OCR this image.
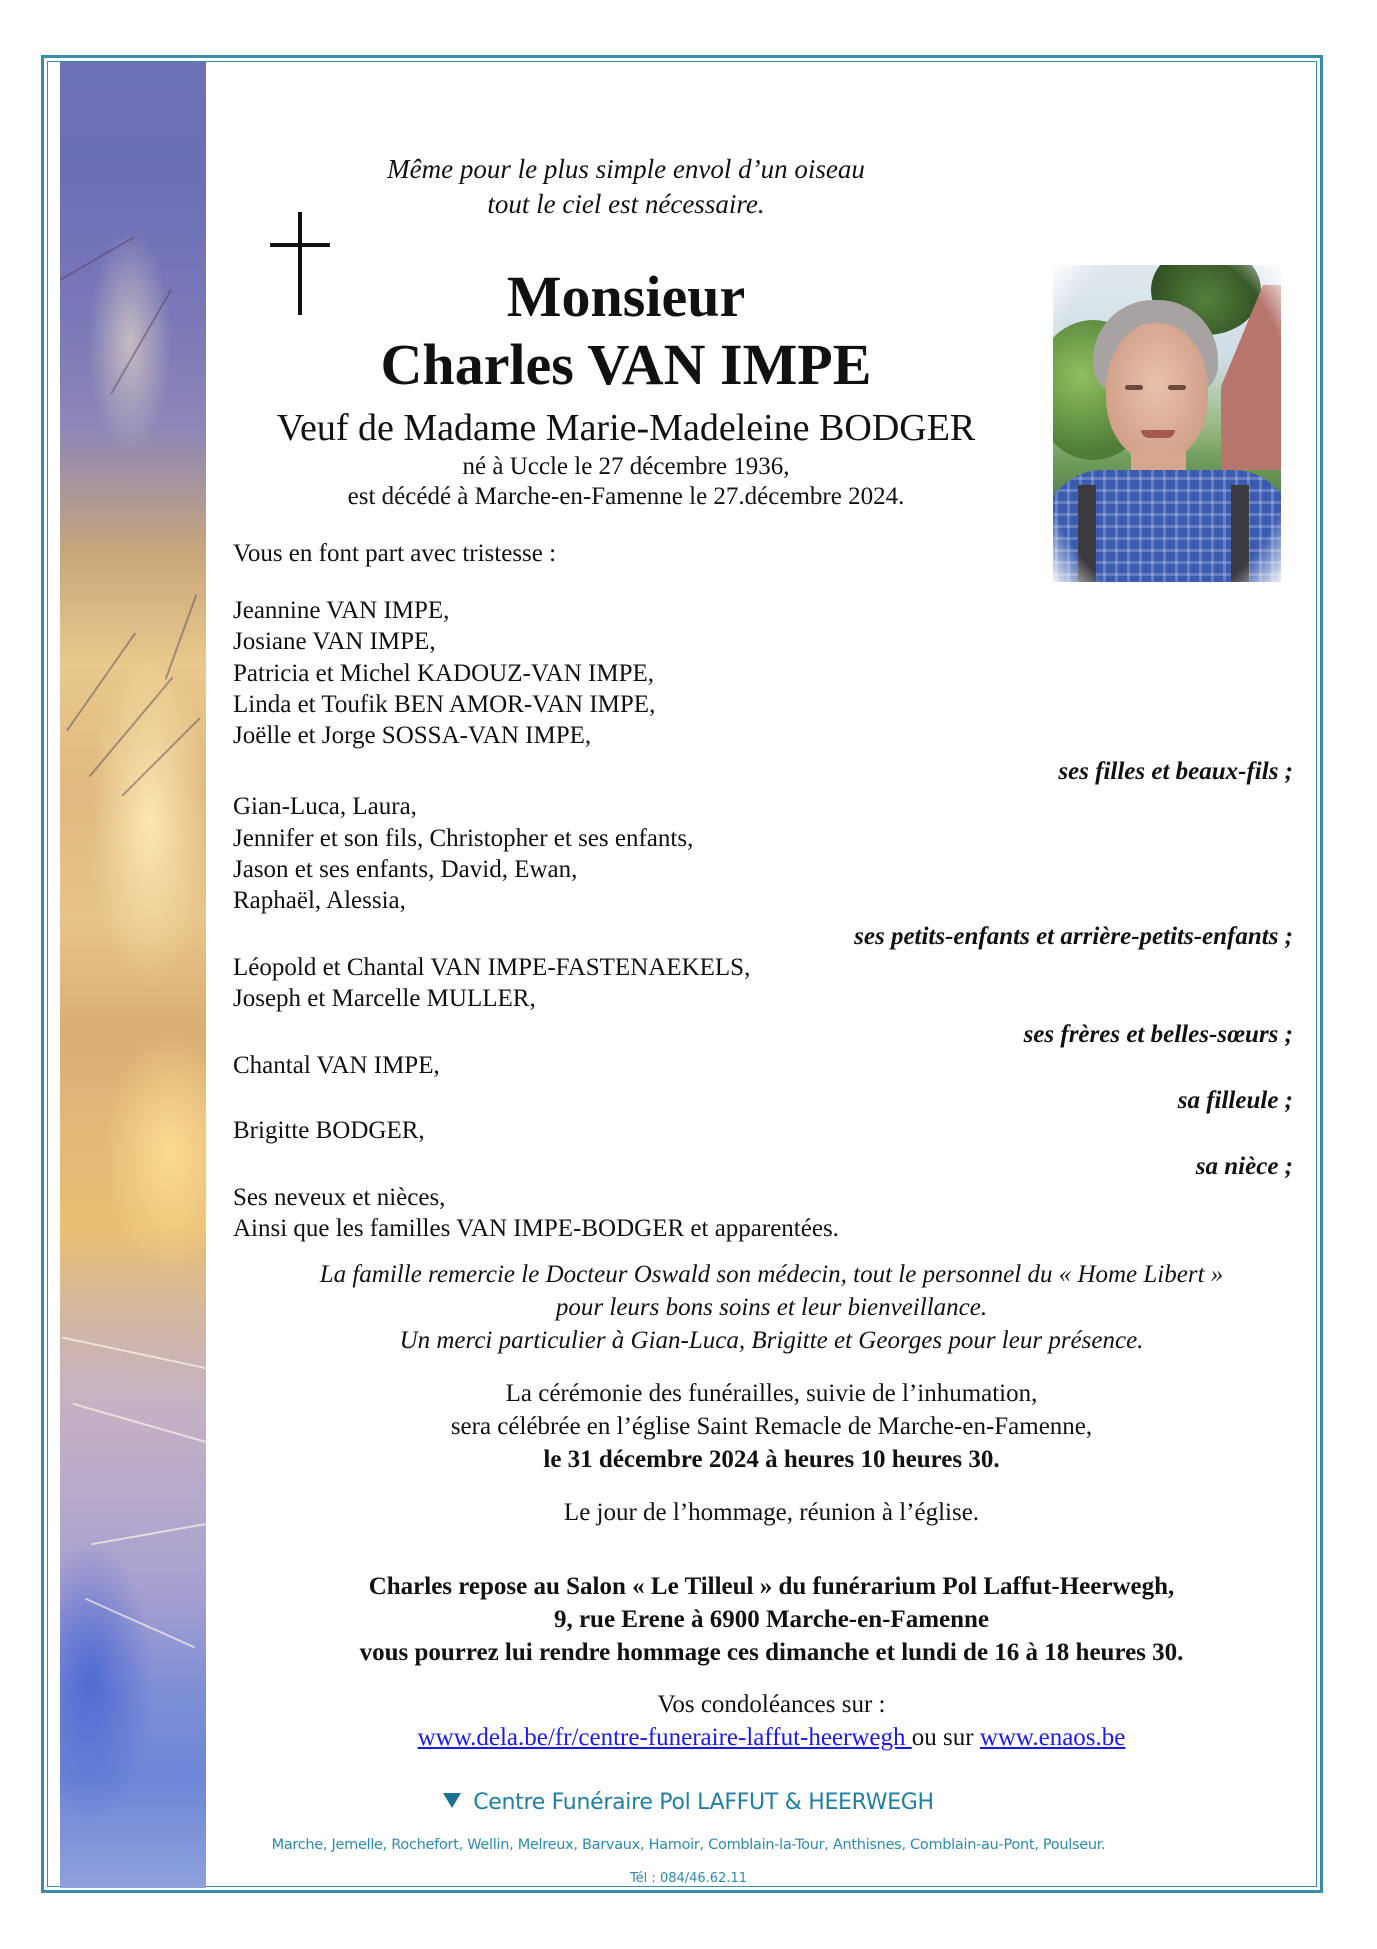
Même pour le plus simple envol d’un oiseau
tout le ciel est nécessaire.
Monsieur
Charles VAN IMPE
Veuf de Madame Marie-Madeleine BODGER
né à Uccle le 27 décembre 1936,
est décédé à Marche-en-Famenne le 27.décembre 2024.
Vous en font part avec tristesse :
Jeannine VAN IMPE,
Josiane VAN IMPE,
Patricia et Michel KADOUZ-VAN IMPE,
Linda et Toufik BEN AMOR-VAN IMPE,
Joëlle et Jorge SOSSA-VAN IMPE,
ses filles et beaux-fils ;
Gian-Luca, Laura,
Jennifer et son fils, Christopher et ses enfants,
Jason et ses enfants, David, Ewan,
Raphaël, Alessia,
ses petits-enfants et arrière-petits-enfants ;
Léopold et Chantal VAN IMPE-FASTENAEKELS,
Joseph et Marcelle MULLER,
ses frères et belles-sœurs ;
Chantal VAN IMPE,
sa filleule ;
Brigitte BODGER,
sa nièce ;
Ses neveux et nièces,
Ainsi que les familles VAN IMPE-BODGER et apparentées.
La famille remercie le Docteur Oswald son médecin, tout le personnel du « Home Libert »
pour leurs bons soins et leur bienveillance.
Un merci particulier à Gian-Luca, Brigitte et Georges pour leur présence.
La cérémonie des funérailles, suivie de l’inhumation,
sera célébrée en l’église Saint Remacle de Marche-en-Famenne,
le 31 décembre 2024 à heures 10 heures 30.
Le jour de l’hommage, réunion à l’église.
Charles repose au Salon « Le Tilleul » du funérarium Pol Laffut-Heerwegh,
9, rue Erene à 6900 Marche-en-Famenne
vous pourrez lui rendre hommage ces dimanche et lundi de 16 à 18 heures 30.
Vos condoléances sur :
www.dela.be/fr/centre-funeraire-laffut-heerwegh ou sur www.enaos.be
Centre Funéraire Pol LAFFUT & HEERWEGH
Marche, Jemelle, Rochefort, Wellin, Melreux, Barvaux, Hamoir, Comblain-la-Tour, Anthisnes, Comblain-au-Pont, Poulseur.
Tél : 084/46.62.11
